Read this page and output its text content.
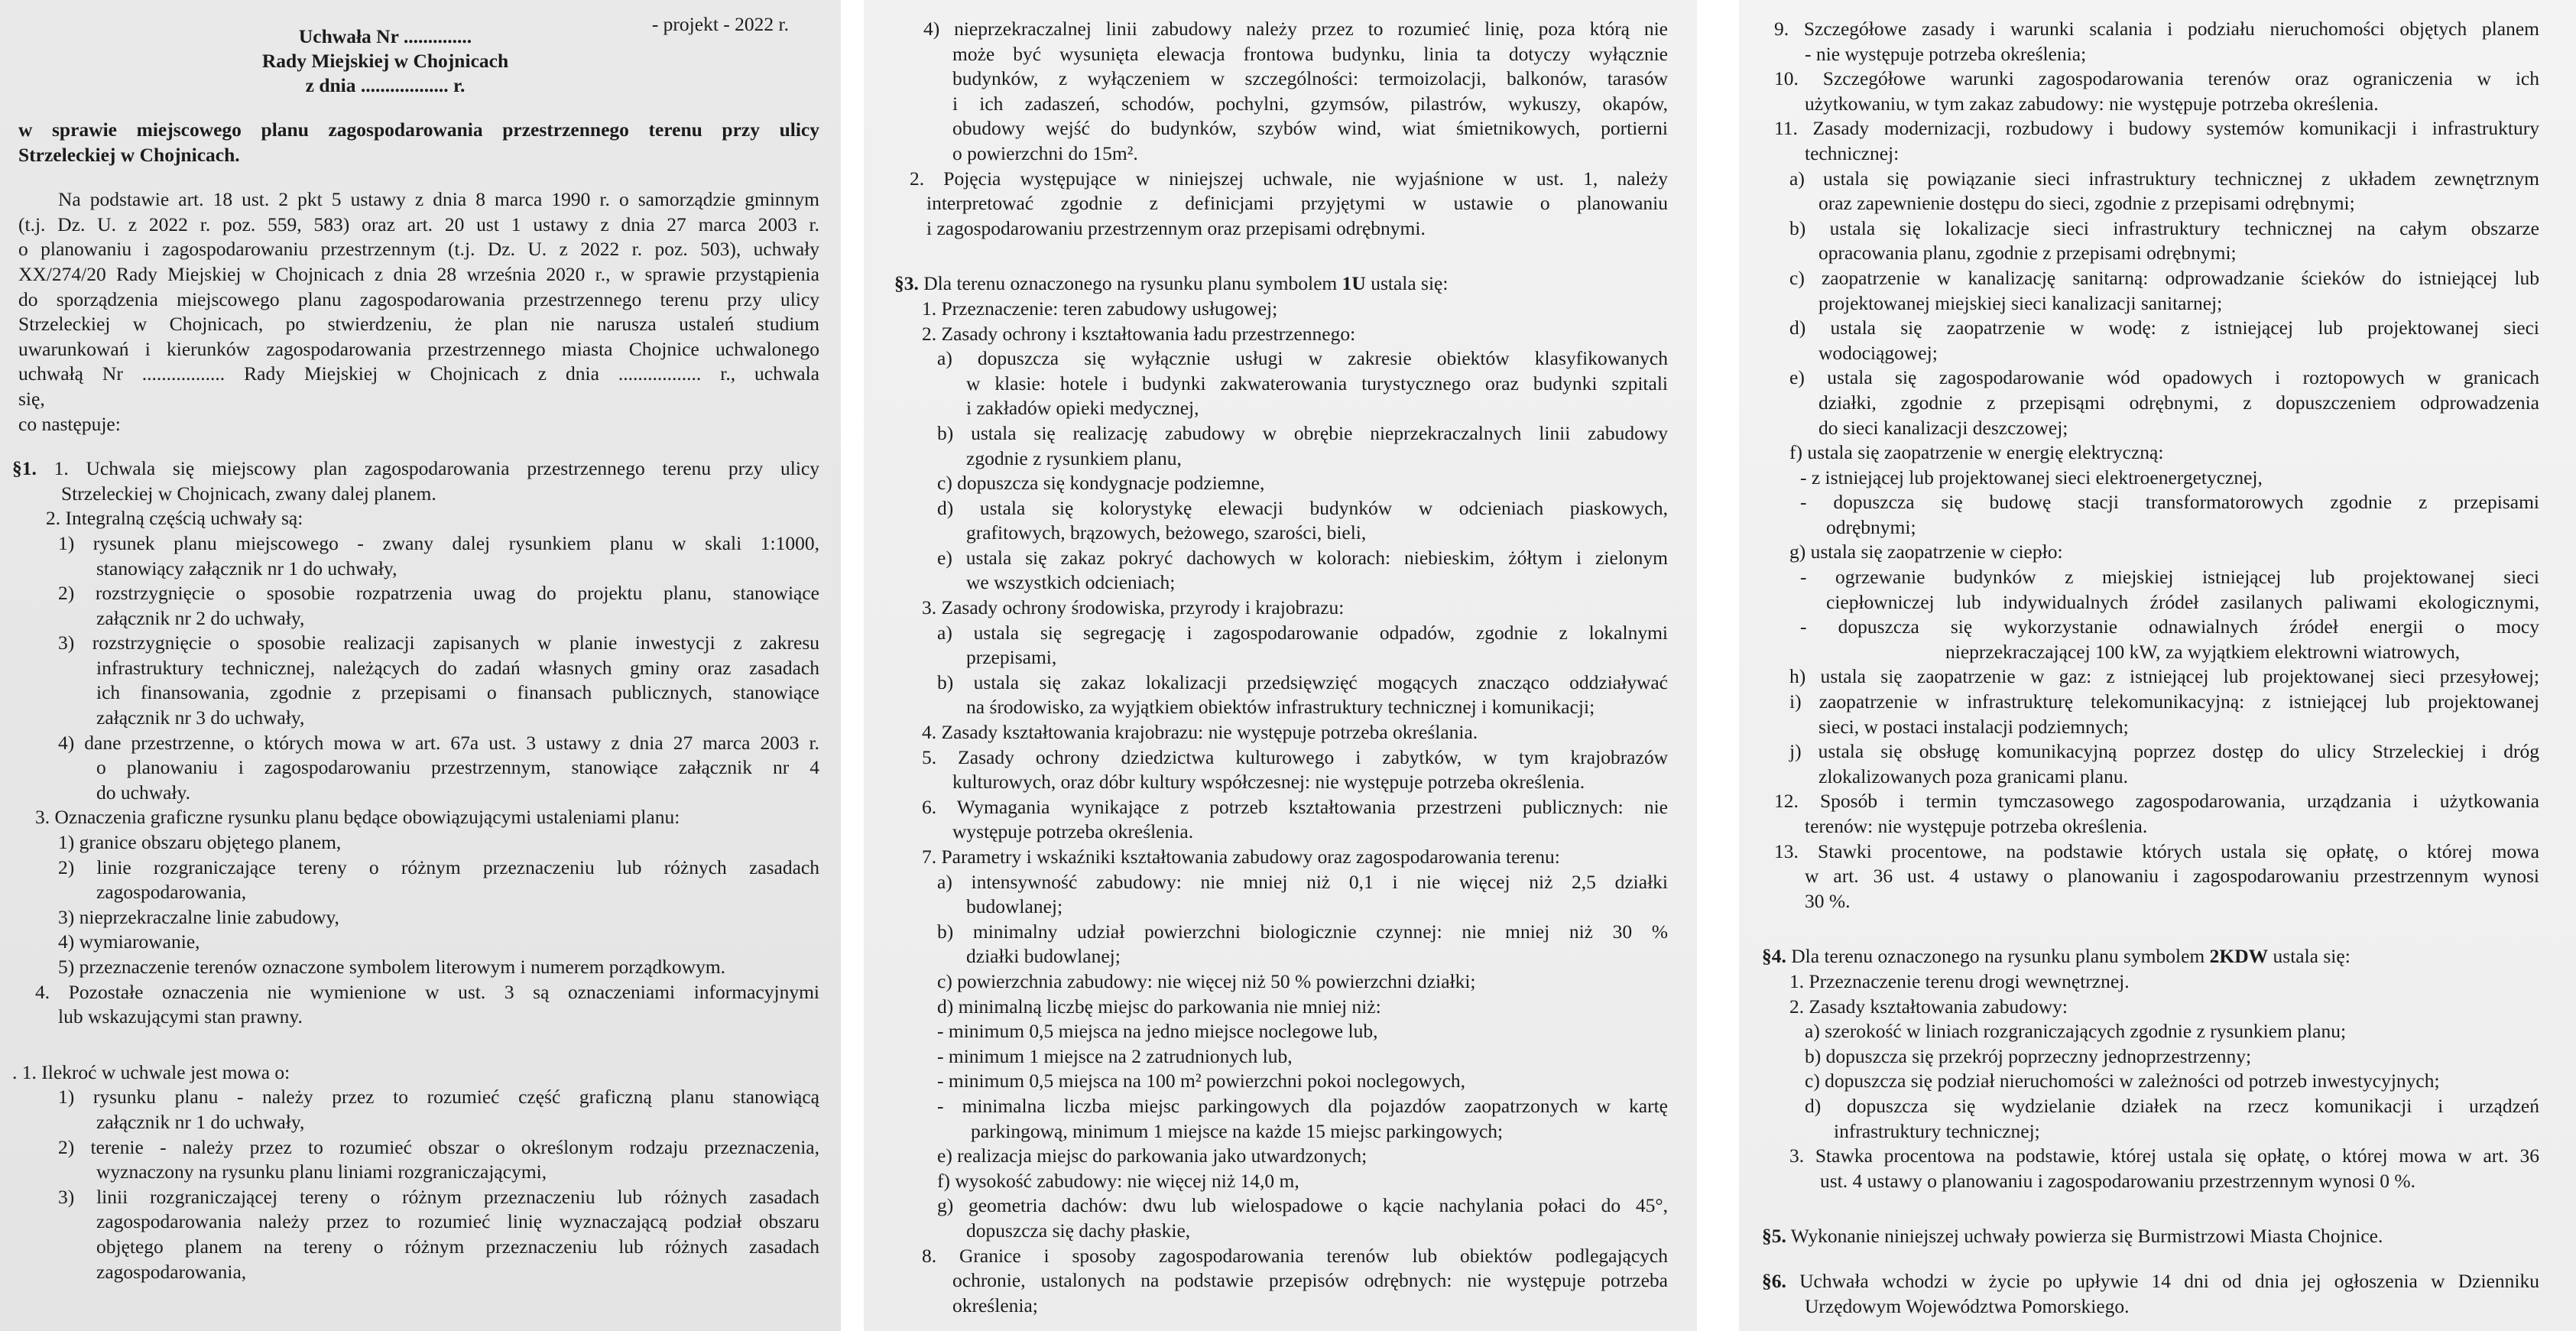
- projekt - 2022 r.
Uchwała Nr ..............
Rady Miejskiej w Chojnicach
z dnia .................. r.
w sprawie miejscowego planu zagospodarowania przestrzennego terenu przy ulicy
Strzeleckiej w Chojnicach.
Na podstawie art. 18 ust. 2 pkt 5 ustawy z dnia 8 marca 1990 r. o samorządzie gminnym
(t.j. Dz. U. z 2022 r. poz. 559, 583) oraz art. 20 ust 1 ustawy z dnia 27 marca 2003 r.
o planowaniu i zagospodarowaniu przestrzennym (t.j. Dz. U. z 2022 r. poz. 503), uchwały
XX/274/20 Rady Miejskiej w Chojnicach z dnia 28 września 2020 r., w sprawie przystąpienia
do sporządzenia miejscowego planu zagospodarowania przestrzennego terenu przy ulicy
Strzeleckiej w Chojnicach, po stwierdzeniu, że plan nie narusza ustaleń studium
uwarunkowań i kierunków zagospodarowania przestrzennego miasta Chojnice uchwalonego
uchwałą Nr ................. Rady Miejskiej w Chojnicach z dnia ................. r., uchwala
się,
co następuje:
§1. 1. Uchwala się miejscowy plan zagospodarowania przestrzennego terenu przy ulicy
Strzeleckiej w Chojnicach, zwany dalej planem.
2. Integralną częścią uchwały są:
1) rysunek planu miejscowego - zwany dalej rysunkiem planu w skali 1:1000,
stanowiący załącznik nr 1 do uchwały,
2) rozstrzygnięcie o sposobie rozpatrzenia uwag do projektu planu, stanowiące
załącznik nr 2 do uchwały,
3) rozstrzygnięcie o sposobie realizacji zapisanych w planie inwestycji z zakresu
infrastruktury technicznej, należących do zadań własnych gminy oraz zasadach
ich finansowania, zgodnie z przepisami o finansach publicznych, stanowiące
załącznik nr 3 do uchwały,
4) dane przestrzenne, o których mowa w art. 67a ust. 3 ustawy z dnia 27 marca 2003 r.
o planowaniu i zagospodarowaniu przestrzennym, stanowiące załącznik nr 4
do uchwały.
3. Oznaczenia graficzne rysunku planu będące obowiązującymi ustaleniami planu:
1) granice obszaru objętego planem,
2) linie rozgraniczające tereny o różnym przeznaczeniu lub różnych zasadach
zagospodarowania,
3) nieprzekraczalne linie zabudowy,
4) wymiarowanie,
5) przeznaczenie terenów oznaczone symbolem literowym i numerem porządkowym.
4. Pozostałe oznaczenia nie wymienione w ust. 3 są oznaczeniami informacyjnymi
lub wskazującymi stan prawny.
. 1. Ilekroć w uchwale jest mowa o:
1) rysunku planu - należy przez to rozumieć część graficzną planu stanowiącą
załącznik nr 1 do uchwały,
2) terenie - należy przez to rozumieć obszar o określonym rodzaju przeznaczenia,
wyznaczony na rysunku planu liniami rozgraniczającymi,
3) linii rozgraniczającej tereny o różnym przeznaczeniu lub różnych zasadach
zagospodarowania należy przez to rozumieć linię wyznaczającą podział obszaru
objętego planem na tereny o różnym przeznaczeniu lub różnych zasadach
zagospodarowania,
4) nieprzekraczalnej linii zabudowy należy przez to rozumieć linię, poza którą nie
może być wysunięta elewacja frontowa budynku, linia ta dotyczy wyłącznie
budynków, z wyłączeniem w szczególności: termoizolacji, balkonów, tarasów
i ich zadaszeń, schodów, pochylni, gzymsów, pilastrów, wykuszy, okapów,
obudowy wejść do budynków, szybów wind, wiat śmietnikowych, portierni
o powierzchni do 15m².
2. Pojęcia występujące w niniejszej uchwale, nie wyjaśnione w ust. 1, należy
interpretować zgodnie z definicjami przyjętymi w ustawie o planowaniu
i zagospodarowaniu przestrzennym oraz przepisami odrębnymi.
§3. Dla terenu oznaczonego na rysunku planu symbolem 1U ustala się:
1. Przeznaczenie: teren zabudowy usługowej;
2. Zasady ochrony i kształtowania ładu przestrzennego:
a) dopuszcza się wyłącznie usługi w zakresie obiektów klasyfikowanych
w klasie: hotele i budynki zakwaterowania turystycznego oraz budynki szpitali
i zakładów opieki medycznej,
b) ustala się realizację zabudowy w obrębie nieprzekraczalnych linii zabudowy
zgodnie z rysunkiem planu,
c) dopuszcza się kondygnacje podziemne,
d) ustala się kolorystykę elewacji budynków w odcieniach piaskowych,
grafitowych, brązowych, beżowego, szarości, bieli,
e) ustala się zakaz pokryć dachowych w kolorach: niebieskim, żółtym i zielonym
we wszystkich odcieniach;
3. Zasady ochrony środowiska, przyrody i krajobrazu:
a) ustala się segregację i zagospodarowanie odpadów, zgodnie z lokalnymi
przepisami,
b) ustala się zakaz lokalizacji przedsięwzięć mogących znacząco oddziaływać
na środowisko, za wyjątkiem obiektów infrastruktury technicznej i komunikacji;
4. Zasady kształtowania krajobrazu: nie występuje potrzeba określania.
5. Zasady ochrony dziedzictwa kulturowego i zabytków, w tym krajobrazów
kulturowych, oraz dóbr kultury współczesnej: nie występuje potrzeba określenia.
6. Wymagania wynikające z potrzeb kształtowania przestrzeni publicznych: nie
występuje potrzeba określenia.
7. Parametry i wskaźniki kształtowania zabudowy oraz zagospodarowania terenu:
a) intensywność zabudowy: nie mniej niż 0,1 i nie więcej niż 2,5 działki
budowlanej;
b) minimalny udział powierzchni biologicznie czynnej: nie mniej niż 30 %
działki budowlanej;
c) powierzchnia zabudowy: nie więcej niż 50 % powierzchni działki;
d) minimalną liczbę miejsc do parkowania nie mniej niż:
- minimum 0,5 miejsca na jedno miejsce noclegowe lub,
- minimum 1 miejsce na 2 zatrudnionych lub,
- minimum 0,5 miejsca na 100 m² powierzchni pokoi noclegowych,
- minimalna liczba miejsc parkingowych dla pojazdów zaopatrzonych w kartę
parkingową, minimum 1 miejsce na każde 15 miejsc parkingowych;
e) realizacja miejsc do parkowania jako utwardzonych;
f) wysokość zabudowy: nie więcej niż 14,0 m,
g) geometria dachów: dwu lub wielospadowe o kącie nachylania połaci do 45°,
dopuszcza się dachy płaskie,
8. Granice i sposoby zagospodarowania terenów lub obiektów podlegających
ochronie, ustalonych na podstawie przepisów odrębnych: nie występuje potrzeba
określenia;
9. Szczegółowe zasady i warunki scalania i podziału nieruchomości objętych planem
- nie występuje potrzeba określenia;
10. Szczegółowe warunki zagospodarowania terenów oraz ograniczenia w ich
użytkowaniu, w tym zakaz zabudowy: nie występuje potrzeba określenia.
11. Zasady modernizacji, rozbudowy i budowy systemów komunikacji i infrastruktury
technicznej:
a) ustala się powiązanie sieci infrastruktury technicznej z układem zewnętrznym
oraz zapewnienie dostępu do sieci, zgodnie z przepisami odrębnymi;
b) ustala się lokalizacje sieci infrastruktury technicznej na całym obszarze
opracowania planu, zgodnie z przepisami odrębnymi;
c) zaopatrzenie w kanalizację sanitarną: odprowadzanie ścieków do istniejącej lub
projektowanej miejskiej sieci kanalizacji sanitarnej;
d) ustala się zaopatrzenie w wodę: z istniejącej lub projektowanej sieci
wodociągowej;
e) ustala się zagospodarowanie wód opadowych i roztopowych w granicach
działki, zgodnie z przepisąmi odrębnymi, z dopuszczeniem odprowadzenia
do sieci kanalizacji deszczowej;
f) ustala się zaopatrzenie w energię elektryczną:
- z istniejącej lub projektowanej sieci elektroenergetycznej,
- dopuszcza się budowę stacji transformatorowych zgodnie z przepisami
odrębnymi;
g) ustala się zaopatrzenie w ciepło:
- ogrzewanie budynków z miejskiej istniejącej lub projektowanej sieci
ciepłowniczej lub indywidualnych źródeł zasilanych paliwami ekologicznymi,
- dopuszcza się wykorzystanie odnawialnych źródeł energii o mocy
nieprzekraczającej 100 kW, za wyjątkiem elektrowni wiatrowych,
h) ustala się zaopatrzenie w gaz: z istniejącej lub projektowanej sieci przesyłowej;
i) zaopatrzenie w infrastrukturę telekomunikacyjną: z istniejącej lub projektowanej
sieci, w postaci instalacji podziemnych;
j) ustala się obsługę komunikacyjną poprzez dostęp do ulicy Strzeleckiej i dróg
zlokalizowanych poza granicami planu.
12. Sposób i termin tymczasowego zagospodarowania, urządzania i użytkowania
terenów: nie występuje potrzeba określenia.
13. Stawki procentowe, na podstawie których ustala się opłatę, o której mowa
w art. 36 ust. 4 ustawy o planowaniu i zagospodarowaniu przestrzennym wynosi
30 %.
§4. Dla terenu oznaczonego na rysunku planu symbolem 2KDW ustala się:
1. Przeznaczenie terenu drogi wewnętrznej.
2. Zasady kształtowania zabudowy:
a) szerokość w liniach rozgraniczających zgodnie z rysunkiem planu;
b) dopuszcza się przekrój poprzeczny jednoprzestrzenny;
c) dopuszcza się podział nieruchomości w zależności od potrzeb inwestycyjnych;
d) dopuszcza się wydzielanie działek na rzecz komunikacji i urządzeń
infrastruktury technicznej;
3. Stawka procentowa na podstawie, której ustala się opłatę, o której mowa w art. 36
ust. 4 ustawy o planowaniu i zagospodarowaniu przestrzennym wynosi 0 %.
§5. Wykonanie niniejszej uchwały powierza się Burmistrzowi Miasta Chojnice.
§6. Uchwała wchodzi w życie po upływie 14 dni od dnia jej ogłoszenia w Dzienniku
Urzędowym Województwa Pomorskiego.
